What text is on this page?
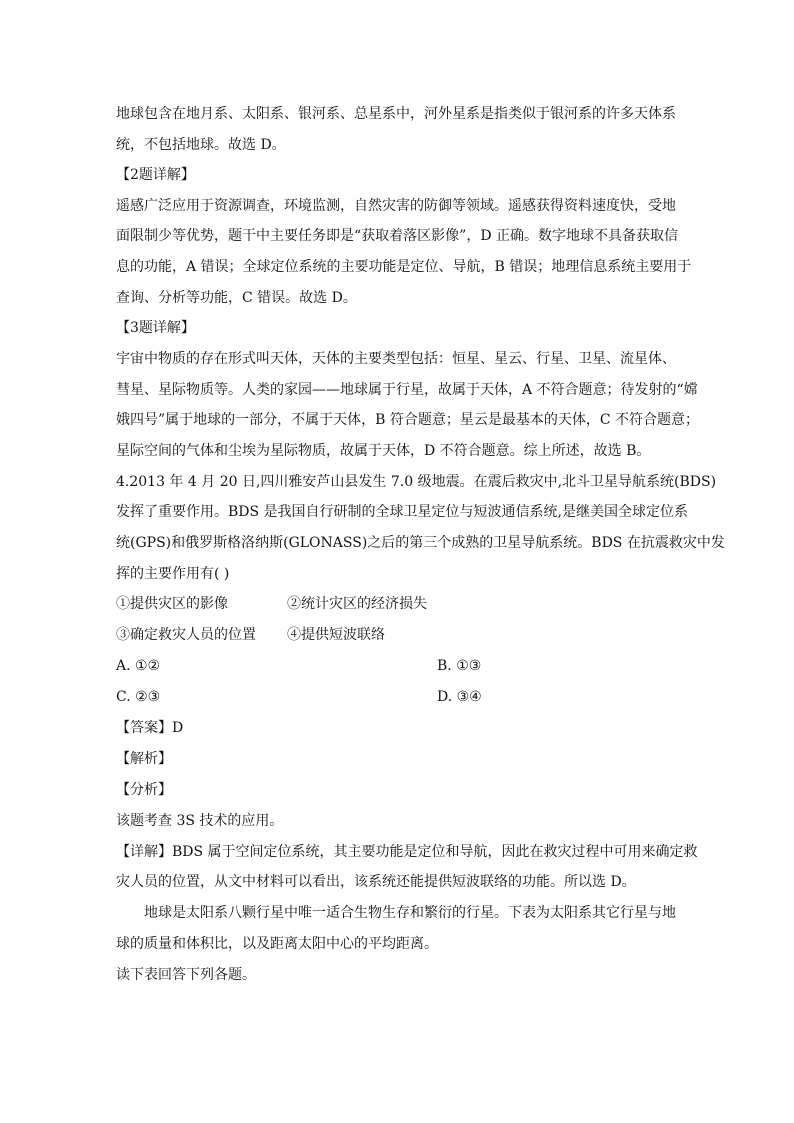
地球包含在地月系、太阳系、银河系、总星系中，河外星系是指类似于银河系的许多天体系
统，不包括地球。故选 D。
【2题详解】
遥感广泛应用于资源调查，环境监测，自然灾害的防御等领域。遥感获得资料速度快，受地
面限制少等优势，题干中主要任务即是“获取着落区影像”，D 正确。数字地球不具备获取信
息的功能，A 错误；全球定位系统的主要功能是定位、导航，B 错误；地理信息系统主要用于
查询、分析等功能，C 错误。故选 D。
【3题详解】
宇宙中物质的存在形式叫天体，天体的主要类型包括：恒星、星云、行星、卫星、流星体、
彗星、星际物质等。人类的家园——地球属于行星，故属于天体，A 不符合题意；待发射的“嫦
娥四号”属于地球的一部分，不属于天体，B 符合题意；星云是最基本的天体，C 不符合题意；
星际空间的气体和尘埃为星际物质，故属于天体，D 不符合题意。综上所述，故选 B。
4.2013 年 4 月 20 日,四川雅安芦山县发生 7.0 级地震。在震后救灾中,北斗卫星导航系统(BDS)
发挥了重要作用。BDS 是我国自行研制的全球卫星定位与短波通信系统,是继美国全球定位系
统(GPS)和俄罗斯格洛纳斯(GLONASS)之后的第三个成熟的卫星导航系统。BDS 在抗震救灾中发
挥的主要作用有( )
①提供灾区的影像	②统计灾区的经济损失
③确定救灾人员的位置 ④提供短波联络
A. ①②	B. ①③
C. ②③	D. ③④
【答案】D
【解析】
【分析】
该题考查 3S 技术的应用。
【详解】BDS 属于空间定位系统，其主要功能是定位和导航，因此在救灾过程中可用来确定救
灾人员的位置，从文中材料可以看出，该系统还能提供短波联络的功能。所以选 D。
地球是太阳系八颗行星中唯一适合生物生存和繁衍的行星。下表为太阳系其它行星与地
球的质量和体积比，以及距离太阳中心的平均距离。
读下表回答下列各题。
